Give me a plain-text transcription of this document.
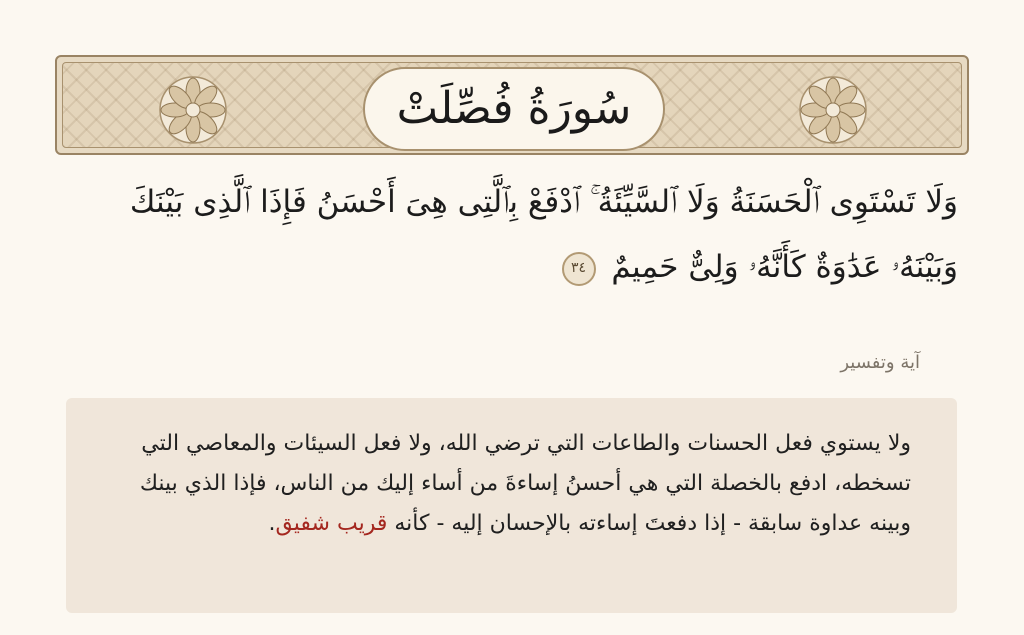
سُورَةُ فُصِّلَتْ
وَلَا تَسْتَوِى ٱلْحَسَنَةُ وَلَا ٱلسَّيِّئَةُ ۚ ٱدْفَعْ بِٱلَّتِى هِىَ أَحْسَنُ فَإِذَا ٱلَّذِى بَيْنَكَ وَبَيْنَهُۥ عَدَٰوَةٌ كَأَنَّهُۥ وَلِىٌّ حَمِيمٌ ٣٤
آية وتفسير
ولا يستوي فعل الحسنات والطاعات التي ترضي الله، ولا فعل السيئات والمعاصي التي تسخطه، ادفع بالخصلة التي هي أحسنُ إساءةَ من أساء إليك من الناس، فإذا الذي بينك وبينه عداوة سابقة - إذا دفعتَ إساءته بالإحسان إليه - كأنه قريب شفيق.
